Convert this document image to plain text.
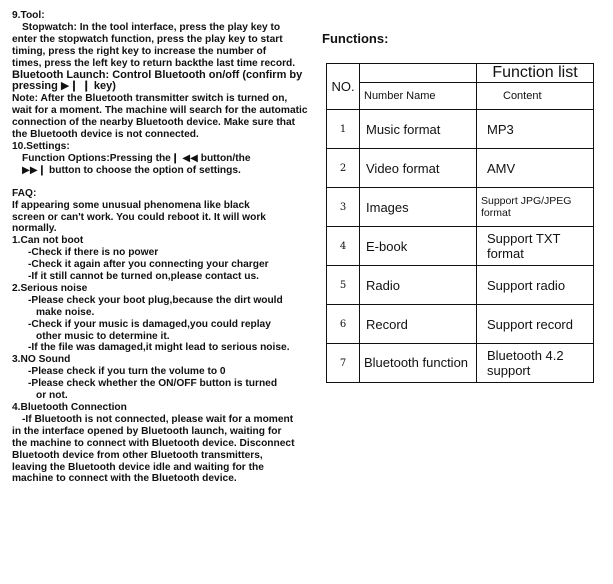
9.Tool:

Stopwatch: In the tool interface, press the play key to

enter the stopwatch function, press the play key to start

timing, press the right key to increase the number of

times, press the left key to return backthe last time record.

Bluetooth Launch: Control Bluetooth on/off (confirm by

pressing ▶❙ ❙ key)

Note: After the Bluetooth transmitter switch is turned on,

wait for a moment. The machine will search for the automatic

connection of the nearby Bluetooth device. Make sure that

the Bluetooth device is not connected.

10.Settings:

Function Options:Pressing the❙ ◀◀ button/the

▶▶❙ button to choose the option of settings.

FAQ:

If appearing some unusual phenomena like black

screen or can't work. You could reboot it. It will work

normally.

1.Can not boot

-Check if there is no power

-Check it again after you connecting your charger

-If it still cannot be turned on,please contact us.

2.Serious noise

-Please check your boot plug,because the dirt would

make noise.

-Check if your music is damaged,you could replay

other music to determine it.

-If the file was damaged,it might lead to serious noise.

3.NO Sound

-Please check if you turn the volume to 0

-Please check whether the ON/OFF button is turned

or not.

4.Bluetooth Connection

-If Bluetooth is not connected, please wait for a moment

in the interface opened by Bluetooth launch, waiting for

the machine to connect with Bluetooth device. Disconnect

Bluetooth device from other Bluetooth transmitters,

leaving the Bluetooth device idle and waiting for the

machine to connect with the Bluetooth device.

Functions:
NO.		Function list
	Number Name	Content
1	Music format	MP3
2	Video format	AMV
3	Images	Support JPG/JPEG format
4	E-book	Support TXT format
5	Radio	Support radio
6	Record	Support record
7	Bluetooth function	Bluetooth 4.2 support
